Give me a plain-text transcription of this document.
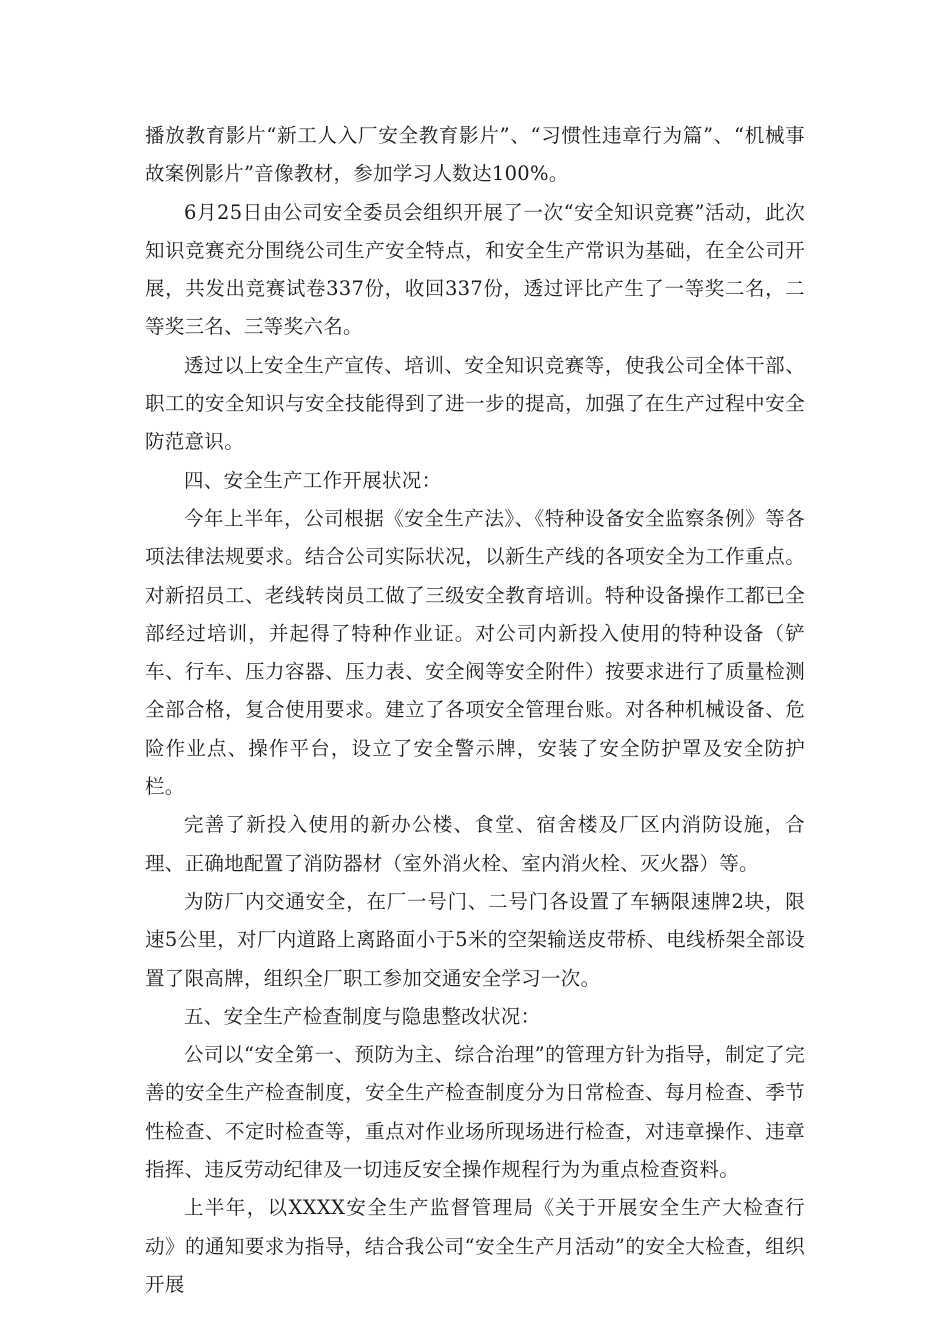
播放教育影片“新工人入厂安全教育影片”、“习惯性违章行为篇”、“机械事故案例影片”音像教材，参加学习人数达100%。

6月25日由公司安全委员会组织开展了一次“安全知识竞赛”活动，此次知识竞赛充分围绕公司生产安全特点，和安全生产常识为基础，在全公司开展，共发出竞赛试卷337份，收回337份，透过评比产生了一等奖二名，二等奖三名、三等奖六名。

透过以上安全生产宣传、培训、安全知识竞赛等，使我公司全体干部、职工的安全知识与安全技能得到了进一步的提高，加强了在生产过程中安全防范意识。

四、安全生产工作开展状况：

今年上半年，公司根据《安全生产法》、《特种设备安全监察条例》等各项法律法规要求。结合公司实际状况，以新生产线的各项安全为工作重点。对新招员工、老线转岗员工做了三级安全教育培训。特种设备操作工都已全部经过培训，并起得了特种作业证。对公司内新投入使用的特种设备（铲车、行车、压力容器、压力表、安全阀等安全附件）按要求进行了质量检测全部合格，复合使用要求。建立了各项安全管理台账。对各种机械设备、危险作业点、操作平台，设立了安全警示牌，安装了安全防护罩及安全防护栏。

完善了新投入使用的新办公楼、食堂、宿舍楼及厂区内消防设施，合理、正确地配置了消防器材（室外消火栓、室内消火栓、灭火器）等。

为防厂内交通安全，在厂一号门、二号门各设置了车辆限速牌2块，限速5公里，对厂内道路上离路面小于5米的空架输送皮带桥、电线桥架全部设置了限高牌，组织全厂职工参加交通安全学习一次。

五、安全生产检查制度与隐患整改状况：

公司以“安全第一、预防为主、综合治理”的管理方针为指导，制定了完善的安全生产检查制度，安全生产检查制度分为日常检查、每月检查、季节性检查、不定时检查等，重点对作业场所现场进行检查，对违章操作、违章指挥、违反劳动纪律及一切违反安全操作规程行为为重点检查资料。

上半年，以XXXX安全生产监督管理局《关于开展安全生产大检查行动》的通知要求为指导，结合我公司“安全生产月活动”的安全大检查，组织开展
